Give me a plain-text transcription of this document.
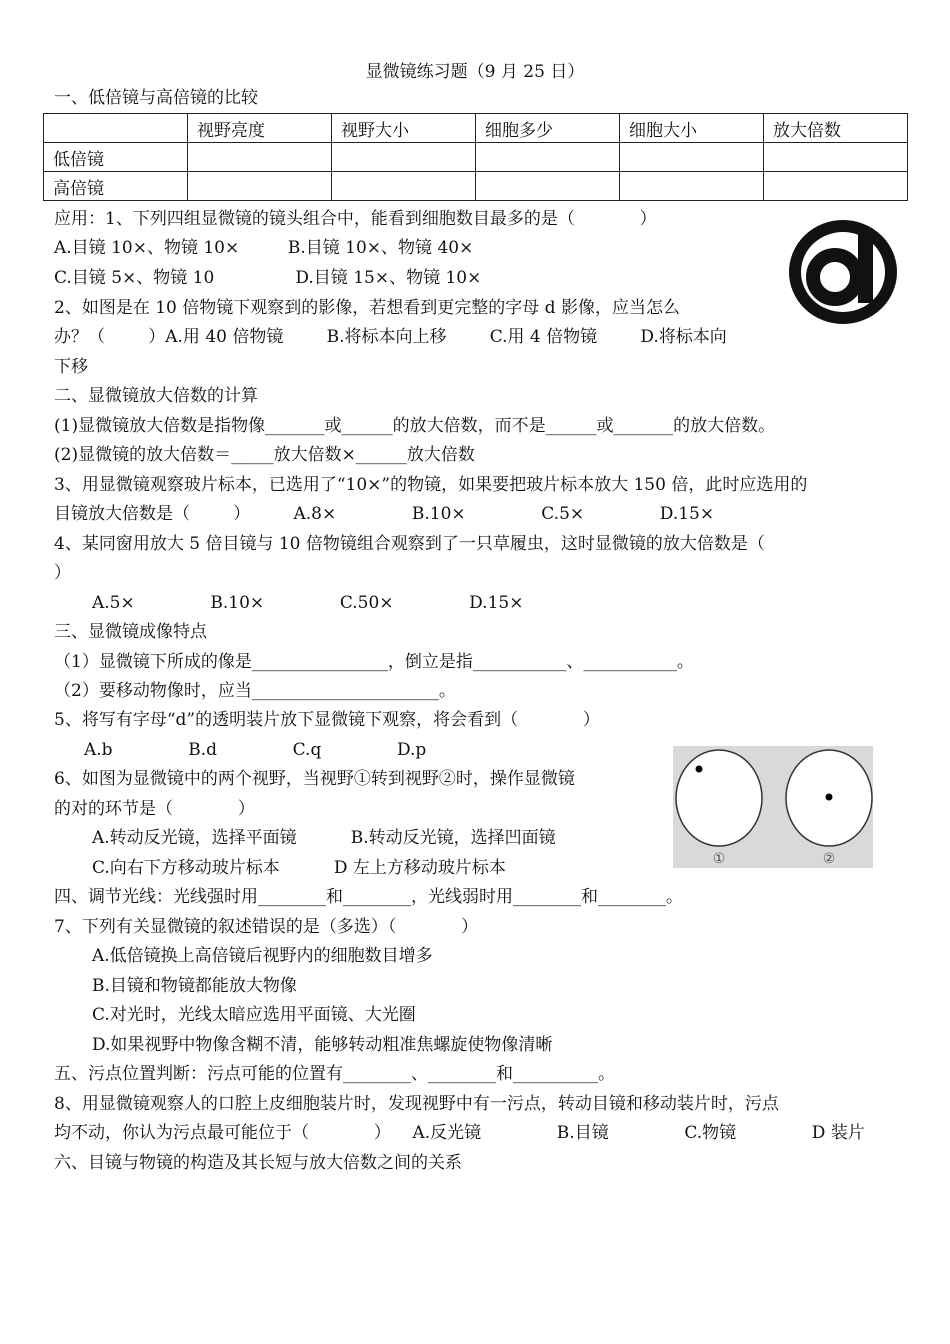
显微镜练习题（9 月 25 日）
一、低倍镜与高倍镜的比较
	视野亮度	视野大小	细胞多少	细胞大小	放大倍数
低倍镜					
高倍镜					
应用：1、下列四组显微镜的镜头组合中，能看到细胞数目最多的是（            ）
A.目镜 10×、物镜 10×         B.目镜 10×、物镜 40×
C.目镜 5×、物镜 10               D.目镜 15×、物镜 10×
2、如图是在 10 倍物镜下观察到的影像，若想看到更完整的字母 d 影像，应当怎么
办？（        ）A.用 40 倍物镜        B.将标本向上移        C.用 4 倍物镜        D.将标本向
下移
二、显微镜放大倍数的计算
(1)显微镜放大倍数是指物像_______或______的放大倍数，而不是______或_______的放大倍数。
(2)显微镜的放大倍数＝_____放大倍数×______放大倍数
3、用显微镜观察玻片标本，已选用了“10×”的物镜，如果要把玻片标本放大 150 倍，此时应选用的
目镜放大倍数是（        ）        A.8×              B.10×              C.5×              D.15×
4、某同窗用放大 5 倍目镜与 10 倍物镜组合观察到了一只草履虫，这时显微镜的放大倍数是（
）
A.5×              B.10×              C.50×              D.15×
三、显微镜成像特点
（1）显微镜下所成的像是________________，倒立是指___________、___________。
（2）要移动物像时，应当______________________。
5、将写有字母“d”的透明装片放下显微镜下观察，将会看到（            ）
A.b              B.d              C.q              D.p
6、如图为显微镜中的两个视野，当视野①转到视野②时，操作显微镜
的对的环节是（            ）
A.转动反光镜，选择平面镜          B.转动反光镜，选择凹面镜
C.向右下方移动玻片标本          D 左上方移动玻片标本	①	②
四、调节光线：光线强时用________和________，光线弱时用________和________。
7、下列有关显微镜的叙述错误的是（多选）（            ）
A.低倍镜换上高倍镜后视野内的细胞数目增多
B.目镜和物镜都能放大物像
C.对光时，光线太暗应选用平面镜、大光圈
D.如果视野中物像含糊不清，能够转动粗准焦螺旋使物像清晰
五、污点位置判断：污点可能的位置有________、________和__________。
8、用显微镜观察人的口腔上皮细胞装片时，发现视野中有一污点，转动目镜和移动装片时，污点
均不动，你认为污点最可能位于（            ）    A.反光镜              B.目镜              C.物镜              D 装片
六、目镜与物镜的构造及其长短与放大倍数之间的关系
